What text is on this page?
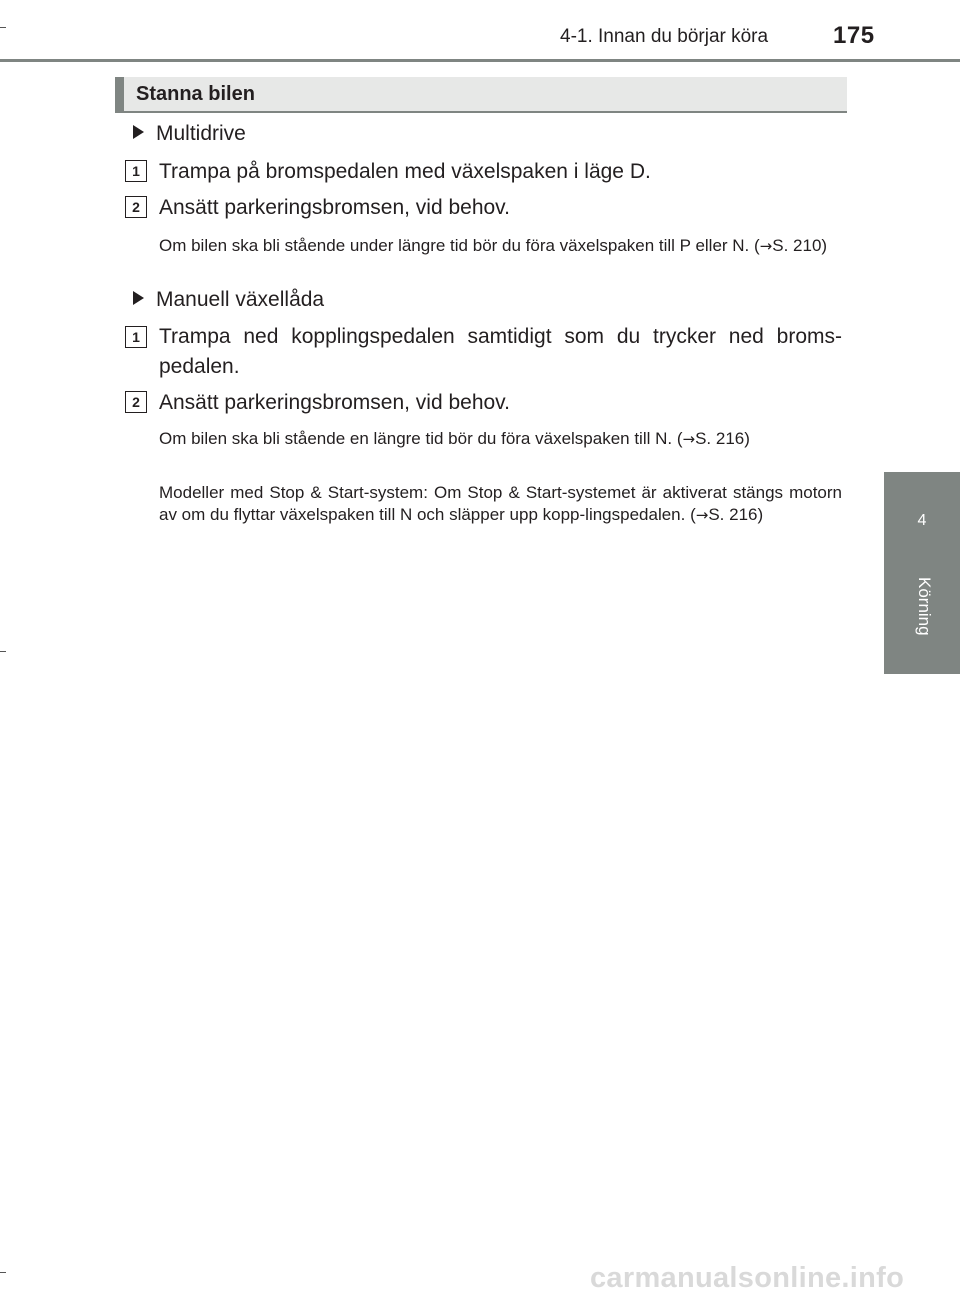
4-1. Innan du börjar köra	175
4
Körning
Stanna bilen
Multidrive
1 Trampa på bromspedalen med växelspaken i läge D.
2 Ansätt parkeringsbromsen, vid behov.
Om bilen ska bli stående under längre tid bör du föra växelspaken till P eller N. (→S. 210)
Manuell växellåda
1 Trampa ned kopplingspedalen samtidigt som du trycker ned broms-pedalen.
2 Ansätt parkeringsbromsen, vid behov.
Om bilen ska bli stående en längre tid bör du föra växelspaken till N. (→S. 216)
Modeller med Stop & Start-system: Om Stop & Start-systemet är aktiverat stängs motorn av om du flyttar växelspaken till N och släpper upp kopp-lingspedalen. (→S. 216)
carmanualsonline.info
